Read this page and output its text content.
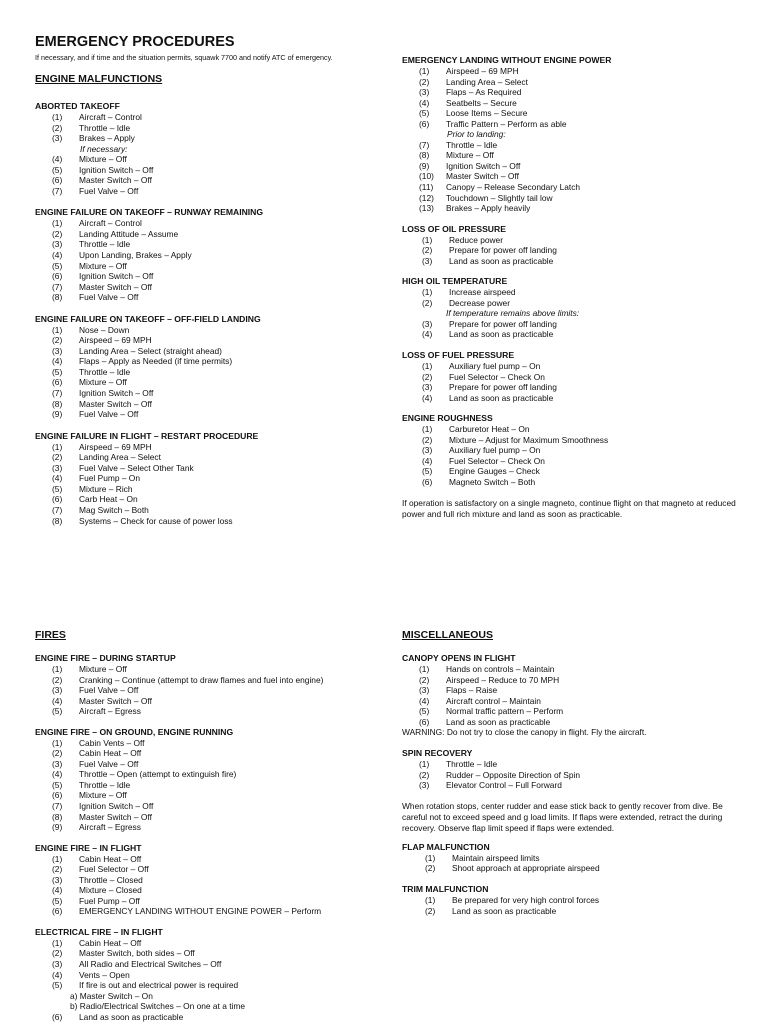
EMERGENCY PROCEDURES

If necessary, and if time and the situation permits, squawk 7700 and notify ATC of emergency.

ENGINE MALFUNCTIONS
ABORTED TAKEOFF
(1)	Aircraft – Control
(2)	Throttle – Idle
(3)	Brakes – Apply
If necessary:
(4)	Mixture – Off
(5)	Ignition Switch – Off
(6)	Master Switch – Off
(7)	Fuel Valve – Off
ENGINE FAILURE ON TAKEOFF – RUNWAY REMAINING
(1)	Aircraft – Control
(2)	Landing Attitude – Assume
(3)	Throttle – Idle
(4)	Upon Landing, Brakes – Apply
(5)	Mixture – Off
(6)	Ignition Switch – Off
(7)	Master Switch – Off
(8)	Fuel Valve – Off
ENGINE FAILURE ON TAKEOFF – OFF-FIELD LANDING
(1)	Nose – Down
(2)	Airspeed – 69 MPH
(3)	Landing Area – Select (straight ahead)
(4)	Flaps – Apply as Needed (if time permits)
(5)	Throttle – Idle
(6)	Mixture – Off
(7)	Ignition Switch – Off
(8)	Master Switch – Off
(9)	Fuel Valve – Off
ENGINE FAILURE IN FLIGHT – RESTART PROCEDURE
(1)	Airspeed – 69 MPH
(2)	Landing Area – Select
(3)	Fuel Valve – Select Other Tank
(4)	Fuel Pump – On
(5)	Mixture – Rich
(6)	Carb Heat – On
(7)	Mag Switch – Both
(8)	Systems – Check for cause of power loss
EMERGENCY LANDING WITHOUT ENGINE POWER
(1)	Airspeed – 69 MPH
(2)	Landing Area – Select
(3)	Flaps – As Required
(4)	Seatbelts – Secure
(5)	Loose Items – Secure
(6)	Traffic Pattern – Perform as able
Prior to landing:
(7)	Throttle – Idle
(8)	Mixture – Off
(9)	Ignition Switch – Off
(10)	Master Switch – Off
(11)	Canopy – Release Secondary Latch
(12)	Touchdown – Slightly tail low
(13)	Brakes – Apply heavily
LOSS OF OIL PRESSURE
(1)	Reduce power
(2)	Prepare for power off landing
(3)	Land as soon as practicable
HIGH OIL TEMPERATURE
(1)	Increase airspeed
(2)	Decrease power
If temperature remains above limits:
(3)	Prepare for power off landing
(4)	Land as soon as practicable
LOSS OF FUEL PRESSURE
(1)	Auxiliary fuel pump – On
(2)	Fuel Selector – Check On
(3)	Prepare for power off landing
(4)	Land as soon as practicable
ENGINE ROUGHNESS
(1)	Carburetor Heat – On
(2)	Mixture – Adjust for Maximum Smoothness
(3)	Auxiliary fuel pump – On
(4)	Fuel Selector – Check On
(5)	Engine Gauges – Check
(6)	Magneto Switch – Both

If operation is satisfactory on a single magneto, continue flight on that magneto at reduced power and full rich mixture and land as soon as practicable.

FIRES
ENGINE FIRE – DURING STARTUP
(1)	Mixture – Off
(2)	Cranking – Continue (attempt to draw flames and fuel into engine)
(3)	Fuel Valve – Off
(4)	Master Switch – Off
(5)	Aircraft – Egress
ENGINE FIRE – ON GROUND, ENGINE RUNNING
(1)	Cabin Vents – Off
(2)	Cabin Heat – Off
(3)	Fuel Valve – Off
(4)	Throttle – Open (attempt to extinguish fire)
(5)	Throttle – Idle
(6)	Mixture – Off
(7)	Ignition Switch – Off
(8)	Master Switch – Off
(9)	Aircraft – Egress
ENGINE FIRE – IN FLIGHT
(1)	Cabin Heat – Off
(2)	Fuel Selector – Off
(3)	Throttle – Closed
(4)	Mixture – Closed
(5)	Fuel Pump – Off
(6)	EMERGENCY LANDING WITHOUT ENGINE POWER – Perform
ELECTRICAL FIRE – IN FLIGHT
(1)	Cabin Heat – Off
(2)	Master Switch, both sides – Off
(3)	All Radio and Electrical Switches – Off
(4)	Vents – Open
(5)	If fire is out and electrical power is required
a) Master Switch – On
b) Radio/Electrical Switches – On one at a time
(6)	Land as soon as practicable
MISCELLANEOUS
CANOPY OPENS IN FLIGHT
(1)	Hands on controls – Maintain
(2)	Airspeed – Reduce to 70 MPH
(3)	Flaps – Raise
(4)	Aircraft control – Maintain
(5)	Normal traffic pattern – Perform
(6)	Land as soon as practicable

WARNING: Do not try to close the canopy in flight. Fly the aircraft.

SPIN RECOVERY
(1)	Throttle – Idle
(2)	Rudder – Opposite Direction of Spin
(3)	Elevator Control – Full Forward

When rotation stops, center rudder and ease stick back to gently recover from dive. Be careful not to exceed speed and g load limits. If flaps were extended, retract the during recovery. Observe flap limit speed if flaps were extended.

FLAP MALFUNCTION
(1)	Maintain airspeed limits
(2)	Shoot approach at appropriate airspeed
TRIM MALFUNCTION
(1)	Be prepared for very high control forces
(2)	Land as soon as practicable
